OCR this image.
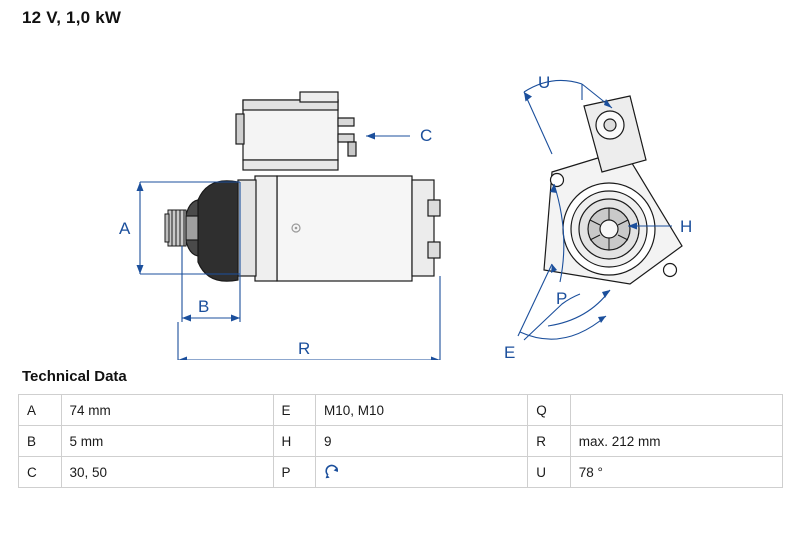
12 V, 1,0 kW
A
B
R
C
U
H
P
E
Technical Data
A	74 mm	E	M10, M10	Q	
B	5 mm	H	9	R	max. 212 mm
C	30, 50	P		U	78 °
